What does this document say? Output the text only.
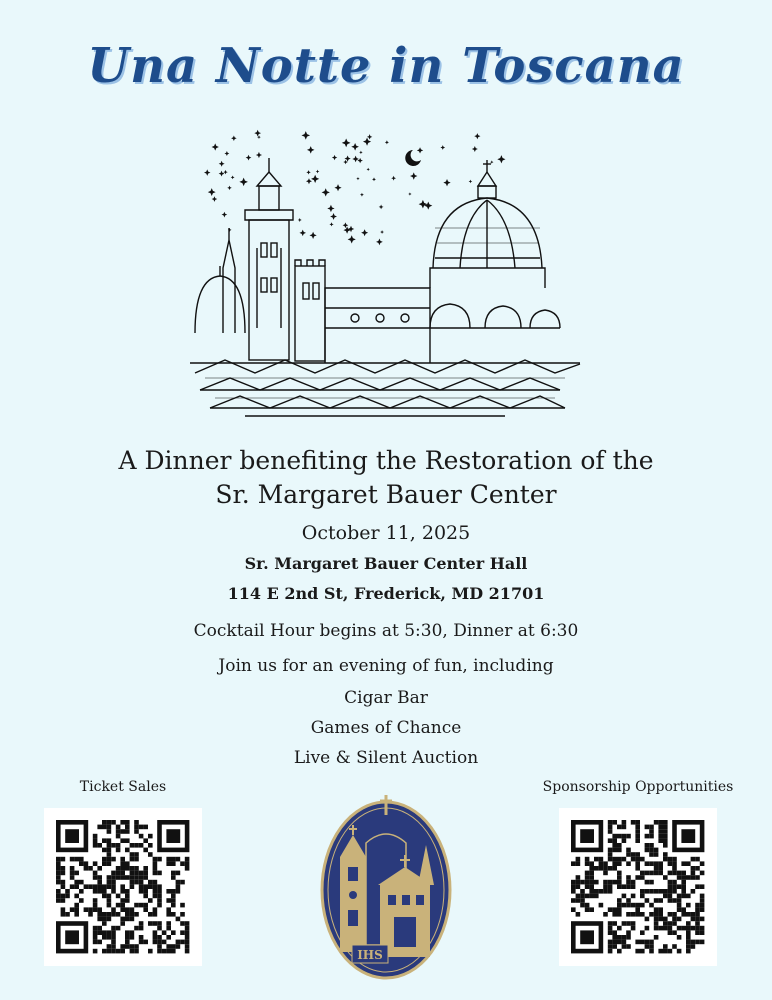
Una Notte in Toscana
A Dinner benefiting the Restoration of the
Sr. Margaret Bauer Center
October 11, 2025
Sr. Margaret Bauer Center Hall
114 E 2nd St, Frederick, MD 21701
Cocktail Hour begins at 5:30, Dinner at 6:30
Join us for an evening of fun, including
Cigar Bar
Games of Chance
Live & Silent Auction
Ticket Sales	Sponsorship Opportunities
IHS
